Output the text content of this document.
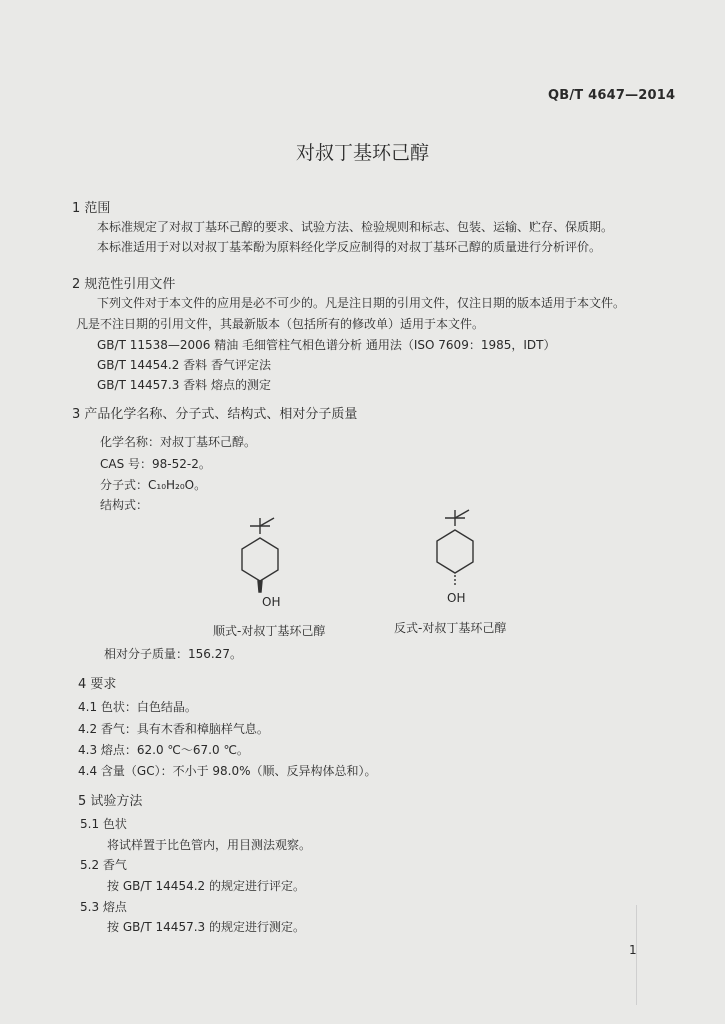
QB/T 4647—2014
对叔丁基环己醇
1 范围
本标准规定了对叔丁基环己醇的要求、试验方法、检验规则和标志、包装、运输、贮存、保质期。
本标准适用于对以对叔丁基苯酚为原料经化学反应制得的对叔丁基环己醇的质量进行分析评价。
2 规范性引用文件
下列文件对于本文件的应用是必不可少的。凡是注日期的引用文件，仅注日期的版本适用于本文件。
凡是不注日期的引用文件，其最新版本（包括所有的修改单）适用于本文件。
GB/T 11538—2006 精油 毛细管柱气相色谱分析 通用法（ISO 7609：1985，IDT）
GB/T 14454.2 香料 香气评定法
GB/T 14457.3 香料 熔点的测定
3 产品化学名称、分子式、结构式、相对分子质量
化学名称：对叔丁基环己醇。
CAS 号：98-52-2。
分子式：C₁₀H₂₀O。
结构式：
OH	OH
顺式-对叔丁基环己醇	反式-对叔丁基环己醇
相对分子质量：156.27。
4 要求
4.1 色状：白色结晶。
4.2 香气：具有木香和樟脑样气息。
4.3 熔点：62.0 ℃～67.0 ℃。
4.4 含量（GC）：不小于 98.0%（顺、反异构体总和）。
5 试验方法
5.1 色状
将试样置于比色管内，用目测法观察。
5.2 香气
按 GB/T 14454.2 的规定进行评定。
5.3 熔点
按 GB/T 14457.3 的规定进行测定。
1
